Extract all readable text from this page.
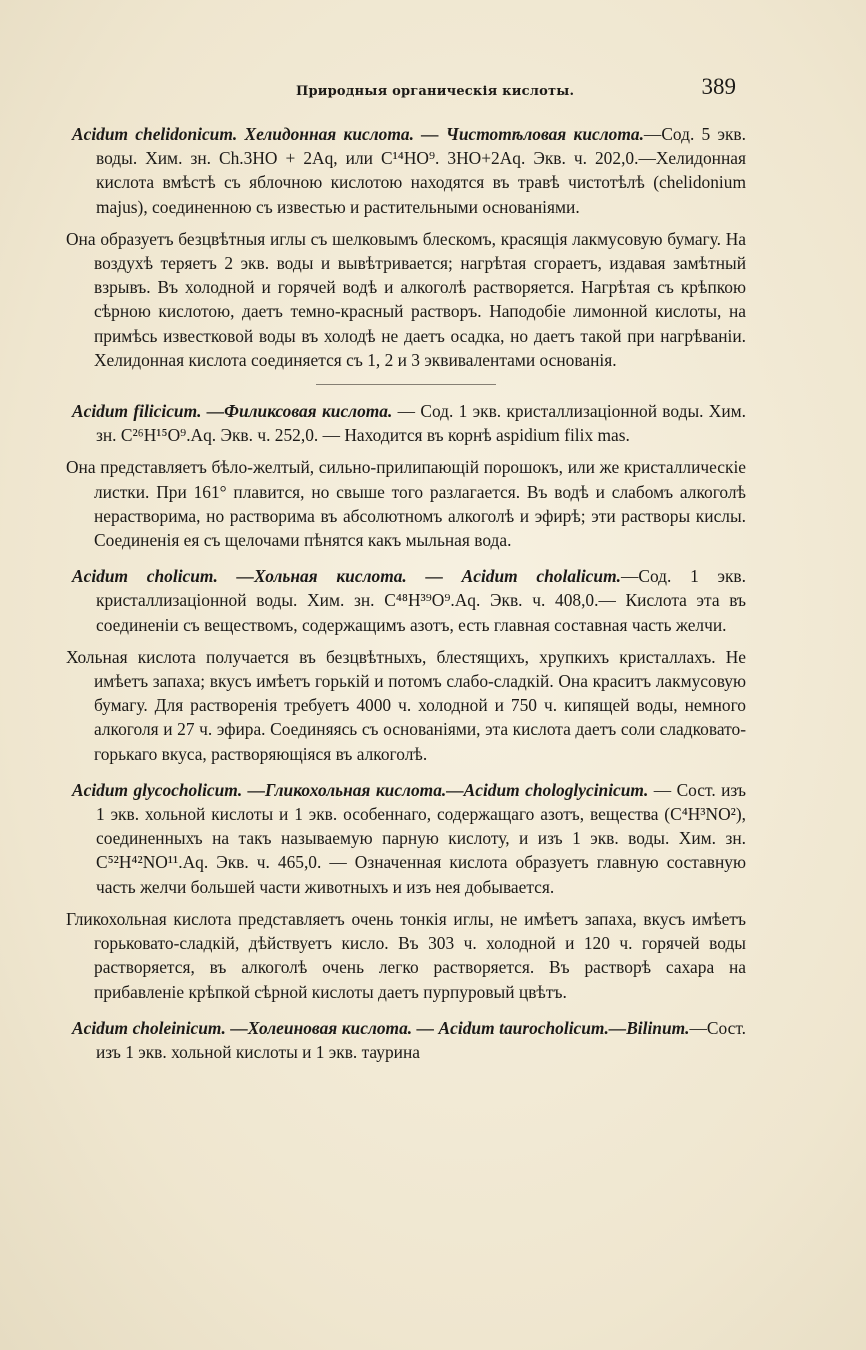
Природныя органическія кислоты.	389

Acidum chelidonicum. Хелидонная кислота. — Чистотѣловая кислота.—Сод. 5 экв. воды. Хим. зн. Ch.3HO + 2Aq, или C¹⁴HO⁹. 3HO+2Aq. Экв. ч. 202,0.—Хелидонная кислота вмѣстѣ съ яблочною кислотою находятся въ травѣ чистотѣлѣ (chelidonium majus), соединенною съ известью и растительными основаніями.

Она образуетъ безцвѣтныя иглы съ шелковымъ блескомъ, красящія лакмусовую бумагу. На воздухѣ теряетъ 2 экв. воды и вывѣтривается; нагрѣтая сгораетъ, издавая замѣтный взрывъ. Въ холодной и горячей водѣ и алкоголѣ растворяется. Нагрѣтая съ крѣпкою сѣрною кислотою, даетъ темно-красный растворъ. Наподобіе лимонной кислоты, на примѣсь известковой воды въ холодѣ не даетъ осадка, но даетъ такой при нагрѣваніи. Хелидонная кислота соединяется съ 1, 2 и 3 эквивалентами основанія.

Acidum filicicum. —Филиксовая кислота. — Сод. 1 экв. кристаллизаціонной воды. Хим. зн. C²⁶H¹⁵O⁹.Aq. Экв. ч. 252,0. — Находится въ корнѣ aspidium filix mas.

Она представляетъ бѣло-желтый, сильно-прилипающій порошокъ, или же кристаллическіе листки. При 161° плавится, но свыше того разлагается. Въ водѣ и слабомъ алкоголѣ нерастворима, но растворима въ абсолютномъ алкоголѣ и эфирѣ; эти растворы кислы. Соединенія ея съ щелочами пѣнятся какъ мыльная вода.

Acidum cholicum. —Хольная кислота. — Acidum cholalicum.—Сод. 1 экв. кристаллизаціонной воды. Хим. зн. C⁴⁸H³⁹O⁹.Aq. Экв. ч. 408,0.— Кислота эта въ соединеніи съ веществомъ, содержащимъ азотъ, есть главная составная часть желчи.

Хольная кислота получается въ безцвѣтныхъ, блестящихъ, хрупкихъ кристаллахъ. Не имѣетъ запаха; вкусъ имѣетъ горькій и потомъ слабо-сладкій. Она краситъ лакмусовую бумагу. Для растворенія требуетъ 4000 ч. холодной и 750 ч. кипящей воды, немного алкоголя и 27 ч. эфира. Соединяясь съ основаніями, эта кислота даетъ соли сладковато-горькаго вкуса, растворяющіяся въ алкоголѣ.

Acidum glycocholicum. —Гликохольная кислота.—Acidum chologlycinicum. — Сост. изъ 1 экв. хольной кислоты и 1 экв. особеннаго, содержащаго азотъ, вещества (C⁴H³NO²), соединенныхъ на такъ называемую парную кислоту, и изъ 1 экв. воды. Хим. зн. C⁵²H⁴²NO¹¹.Aq. Экв. ч. 465,0. — Означенная кислота образуетъ главную составную часть желчи большей части животныхъ и изъ нея добывается.

Гликохольная кислота представляетъ очень тонкія иглы, не имѣетъ запаха, вкусъ имѣетъ горьковато-сладкій, дѣйствуетъ кисло. Въ 303 ч. холодной и 120 ч. горячей воды растворяется, въ алкоголѣ очень легко растворяется. Въ растворѣ сахара на прибавленіе крѣпкой сѣрной кислоты даетъ пурпуровый цвѣтъ.

Acidum choleinicum. —Холеиновая кислота. — Acidum taurocholicum.—Bilinum.—Сост. изъ 1 экв. хольной кислоты и 1 экв. таурина
